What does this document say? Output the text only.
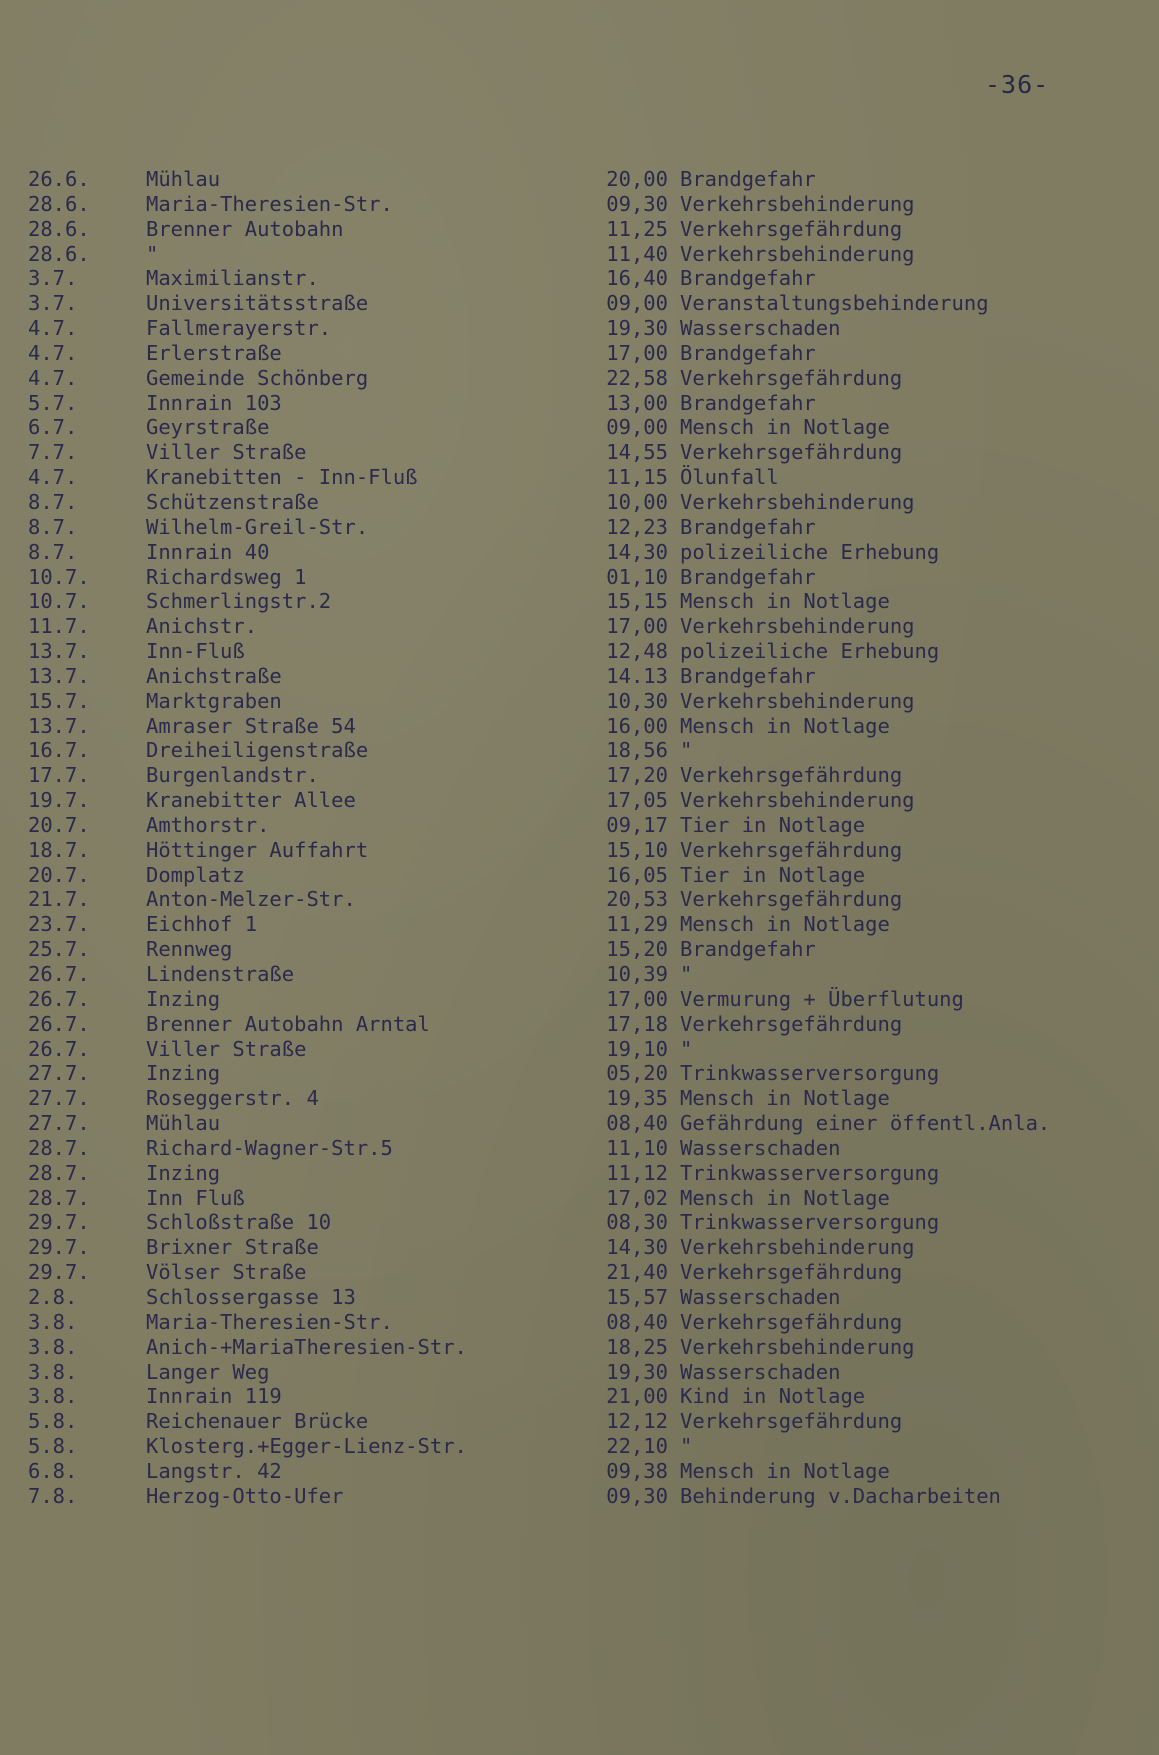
-36-
26.6.	Mühlau	20,00 Brandgefahr
28.6.	Maria-Theresien-Str.	09,30 Verkehrsbehinderung
28.6.	Brenner Autobahn	11,25 Verkehrsgefährdung
28.6.	"	11,40 Verkehrsbehinderung
3.7.	Maximilianstr.	16,40 Brandgefahr
3.7.	Universitätsstraße	09,00 Veranstaltungsbehinderung
4.7.	Fallmerayerstr.	19,30 Wasserschaden
4.7.	Erlerstraße	17,00 Brandgefahr
4.7.	Gemeinde Schönberg	22,58 Verkehrsgefährdung
5.7.	Innrain 103	13,00 Brandgefahr
6.7.	Geyrstraße	09,00 Mensch in Notlage
7.7.	Viller Straße	14,55 Verkehrsgefährdung
4.7.	Kranebitten - Inn-Fluß	11,15 Ölunfall
8.7.	Schützenstraße	10,00 Verkehrsbehinderung
8.7.	Wilhelm-Greil-Str.	12,23 Brandgefahr
8.7.	Innrain 40	14,30 polizeiliche Erhebung
10.7.	Richardsweg 1	01,10 Brandgefahr
10.7.	Schmerlingstr.2	15,15 Mensch in Notlage
11.7.	Anichstr.	17,00 Verkehrsbehinderung
13.7.	Inn-Fluß	12,48 polizeiliche Erhebung
13.7.	Anichstraße	14.13 Brandgefahr
15.7.	Marktgraben	10,30 Verkehrsbehinderung
13.7.	Amraser Straße 54	16,00 Mensch in Notlage
16.7.	Dreiheiligenstraße	18,56 "
17.7.	Burgenlandstr.	17,20 Verkehrsgefährdung
19.7.	Kranebitter Allee	17,05 Verkehrsbehinderung
20.7.	Amthorstr.	09,17 Tier in Notlage
18.7.	Höttinger Auffahrt	15,10 Verkehrsgefährdung
20.7.	Domplatz	16,05 Tier in Notlage
21.7.	Anton-Melzer-Str.	20,53 Verkehrsgefährdung
23.7.	Eichhof 1	11,29 Mensch in Notlage
25.7.	Rennweg	15,20 Brandgefahr
26.7.	Lindenstraße	10,39 "
26.7.	Inzing	17,00 Vermurung + Überflutung
26.7.	Brenner Autobahn Arntal	17,18 Verkehrsgefährdung
26.7.	Viller Straße	19,10 "
27.7.	Inzing	05,20 Trinkwasserversorgung
27.7.	Roseggerstr. 4	19,35 Mensch in Notlage
27.7.	Mühlau	08,40 Gefährdung einer öffentl.Anla.
28.7.	Richard-Wagner-Str.5	11,10 Wasserschaden
28.7.	Inzing	11,12 Trinkwasserversorgung
28.7.	Inn Fluß	17,02 Mensch in Notlage
29.7.	Schloßstraße 10	08,30 Trinkwasserversorgung
29.7.	Brixner Straße	14,30 Verkehrsbehinderung
29.7.	Völser Straße	21,40 Verkehrsgefährdung
2.8.	Schlossergasse 13	15,57 Wasserschaden
3.8.	Maria-Theresien-Str.	08,40 Verkehrsgefährdung
3.8.	Anich-+MariaTheresien-Str.	18,25 Verkehrsbehinderung
3.8.	Langer Weg	19,30 Wasserschaden
3.8.	Innrain 119	21,00 Kind in Notlage
5.8.	Reichenauer Brücke	12,12 Verkehrsgefährdung
5.8.	Klosterg.+Egger-Lienz-Str.	22,10 "
6.8.	Langstr. 42	09,38 Mensch in Notlage
7.8.	Herzog-Otto-Ufer	09,30 Behinderung v.Dacharbeiten
